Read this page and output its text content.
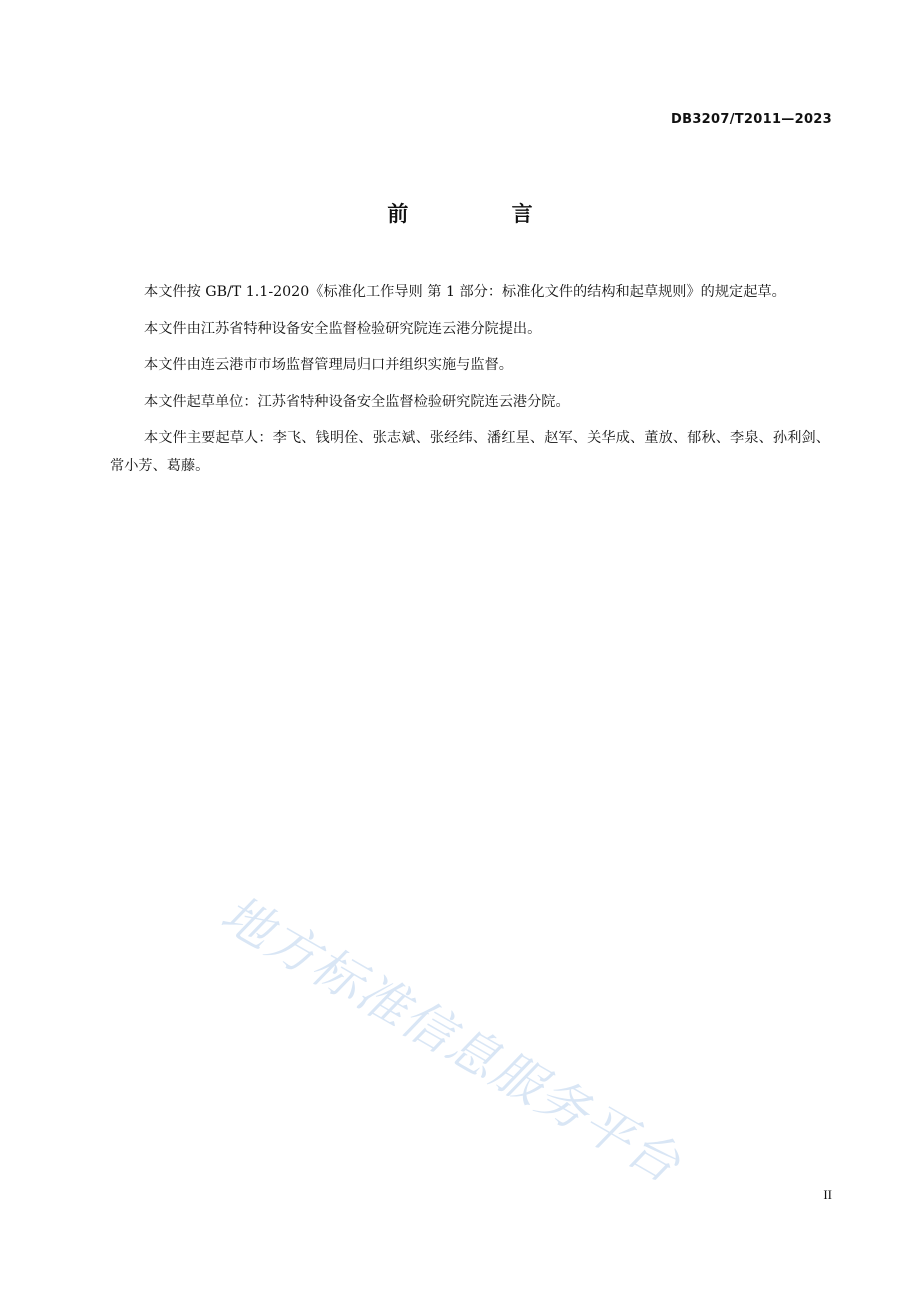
DB3207/T2011—2023
前 言

本文件按 GB/T 1.1-2020《标准化工作导则 第 1 部分：标准化文件的结构和起草规则》的规定起草。

本文件由江苏省特种设备安全监督检验研究院连云港分院提出。

本文件由连云港市市场监督管理局归口并组织实施与监督。

本文件起草单位：江苏省特种设备安全监督检验研究院连云港分院。

本文件主要起草人：李飞、钱明佺、张志斌、张经纬、潘红星、赵军、关华成、董放、郁秋、李泉、孙利剑、常小芳、葛藤。

地方标准信息服务平台	II
